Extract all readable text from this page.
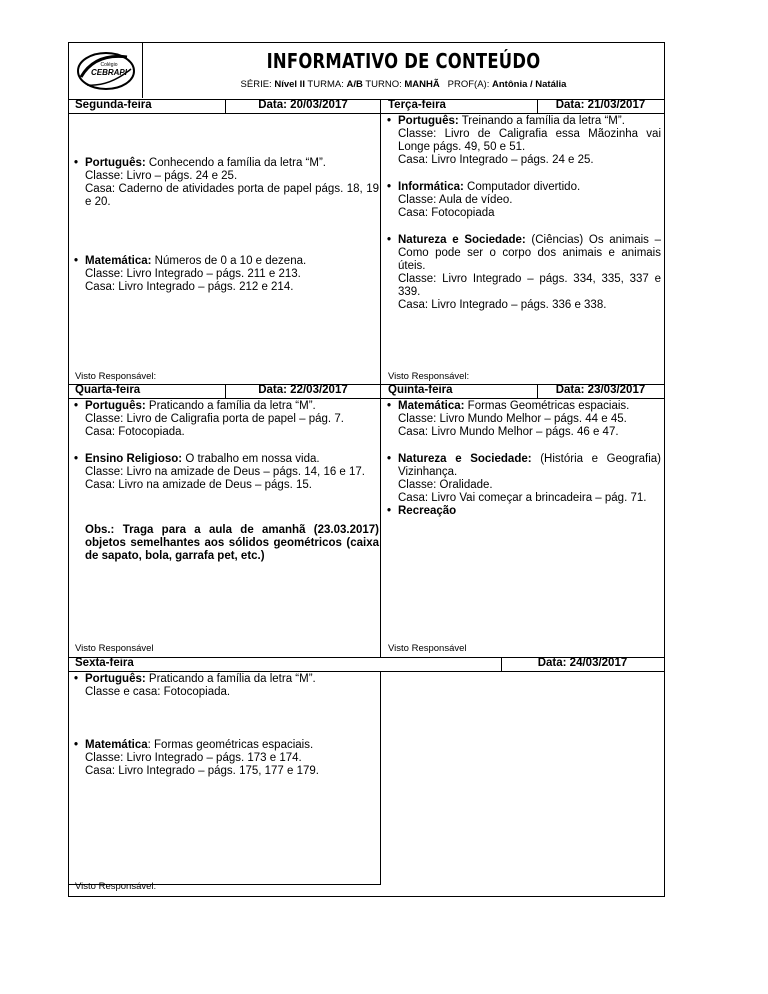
Colégio
CEBRAPI	INFORMATIVO DE CONTEÚDO
SÉRIE: Nível II TURMA: A/B TURNO: MANHÃ PROF(A): Antônia / Natália
Segunda-feira	Data: 20/03/2017	Terça-feira	Data: 21/03/2017
• Português: Conhecendo a família da letra “M”.
Classe: Livro – págs. 24 e 25.
Casa: Caderno de atividades porta de papel págs. 18, 19 e 20.
• Matemática: Números de 0 a 10 e dezena.
Classe: Livro Integrado – págs. 211 e 213.
Casa: Livro Integrado – págs. 212 e 214.
Visto Responsável:
• Português: Treinando a família da letra “M”.
Classe: Livro de Caligrafia essa Mãozinha vai Longe págs. 49, 50 e 51.
Casa: Livro Integrado – págs. 24 e 25.
• Informática: Computador divertido.
Classe: Aula de vídeo.
Casa: Fotocopiada
• Natureza e Sociedade: (Ciências) Os animais – Como pode ser o corpo dos animais e animais úteis.
Classe: Livro Integrado – págs. 334, 335, 337 e 339.
Casa: Livro Integrado – págs. 336 e 338.
Visto Responsável:
Quarta-feira	Data: 22/03/2017	Quinta-feira	Data: 23/03/2017
• Português: Praticando a família da letra “M”.
Classe: Livro de Caligrafia porta de papel – pág. 7.
Casa: Fotocopiada.
• Ensino Religioso: O trabalho em nossa vida.
Classe: Livro na amizade de Deus – págs. 14, 16 e 17.
Casa: Livro na amizade de Deus – págs. 15.
Obs.: Traga para a aula de amanhã (23.03.2017) objetos semelhantes aos sólidos geométricos (caixa de sapato, bola, garrafa pet, etc.)
Visto Responsável
• Matemática: Formas Geométricas espaciais.
Classe: Livro Mundo Melhor – págs. 44 e 45.
Casa: Livro Mundo Melhor – págs. 46 e 47.
• Natureza e Sociedade: (História e Geografia) Vizinhança.
Classe: Oralidade.
Casa: Livro Vai começar a brincadeira – pág. 71.
• Recreação
Visto Responsável
Sexta-feira	Data: 24/03/2017
• Português: Praticando a família da letra “M”.
Classe e casa: Fotocopiada.
• Matemática: Formas geométricas espaciais.
Classe: Livro Integrado – págs. 173 e 174.
Casa: Livro Integrado – págs. 175, 177 e 179.
Visto Responsável:
